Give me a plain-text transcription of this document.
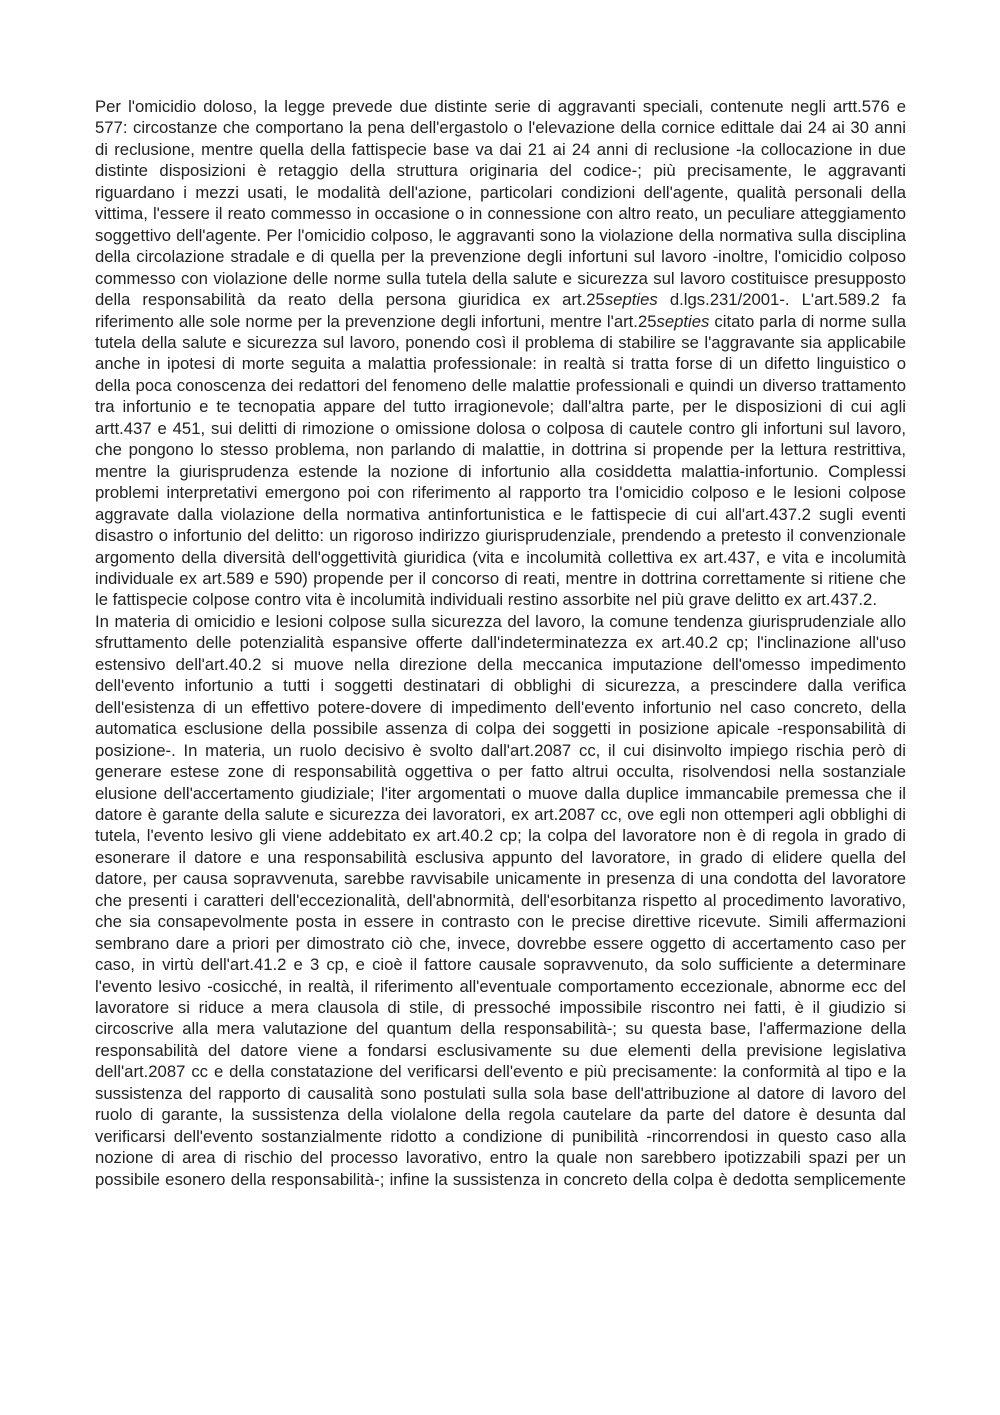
Per l'omicidio doloso, la legge prevede due distinte serie di aggravanti speciali, contenute negli artt.576 e 577: circostanze che comportano la pena dell'ergastolo o l'elevazione della cornice edittale dai 24 ai 30 anni di reclusione, mentre quella della fattispecie base va dai 21 ai 24 anni di reclusione -la collocazione in due distinte disposizioni è retaggio della struttura originaria del codice-; più precisamente, le aggravanti riguardano i mezzi usati, le modalità dell'azione, particolari condizioni dell'agente, qualità personali della vittima, l'essere il reato commesso in occasione o in connessione con altro reato, un peculiare atteggiamento soggettivo dell'agente. Per l'omicidio colposo, le aggravanti sono la violazione della normativa sulla disciplina della circolazione stradale e di quella per la prevenzione degli infortuni sul lavoro -inoltre, l'omicidio colposo commesso con violazione delle norme sulla tutela della salute e sicurezza sul lavoro costituisce presupposto della responsabilità da reato della persona giuridica ex art.25septies d.lgs.231/2001-. L'art.589.2 fa riferimento alle sole norme per la prevenzione degli infortuni, mentre l'art.25septies citato parla di norme sulla tutela della salute e sicurezza sul lavoro, ponendo così il problema di stabilire se l'aggravante sia applicabile anche in ipotesi di morte seguita a malattia professionale: in realtà si tratta forse di un difetto linguistico o della poca conoscenza dei redattori del fenomeno delle malattie professionali e quindi un diverso trattamento tra infortunio e te tecnopatia appare del tutto irragionevole; dall'altra parte, per le disposizioni di cui agli artt.437 e 451, sui delitti di rimozione o omissione dolosa o colposa di cautele contro gli infortuni sul lavoro, che pongono lo stesso problema, non parlando di malattie, in dottrina si propende per la lettura restrittiva, mentre la giurisprudenza estende la nozione di infortunio alla cosiddetta malattia-infortunio. Complessi problemi interpretativi emergono poi con riferimento al rapporto tra l'omicidio colposo e le lesioni colpose aggravate dalla violazione della normativa antinfortunistica e le fattispecie di cui all'art.437.2 sugli eventi disastro o infortunio del delitto: un rigoroso indirizzo giurisprudenziale, prendendo a pretesto il convenzionale argomento della diversità dell'oggettività giuridica (vita e incolumità collettiva ex art.437, e vita e incolumità individuale ex art.589 e 590) propende per il concorso di reati, mentre in dottrina correttamente si ritiene che le fattispecie colpose contro vita è incolumità individuali restino assorbite nel più grave delitto ex art.437.2.

In materia di omicidio e lesioni colpose sulla sicurezza del lavoro, la comune tendenza giurisprudenziale allo sfruttamento delle potenzialità espansive offerte dall'indeterminatezza ex art.40.2 cp; l'inclinazione all'uso estensivo dell'art.40.2 si muove nella direzione della meccanica imputazione dell'omesso impedimento dell'evento infortunio a tutti i soggetti destinatari di obblighi di sicurezza, a prescindere dalla verifica dell'esistenza di un effettivo potere-dovere di impedimento dell'evento infortunio nel caso concreto, della automatica esclusione della possibile assenza di colpa dei soggetti in posizione apicale -responsabilità di posizione-. In materia, un ruolo decisivo è svolto dall'art.2087 cc, il cui disinvolto impiego rischia però di generare estese zone di responsabilità oggettiva o per fatto altrui occulta, risolvendosi nella sostanziale elusione dell'accertamento giudiziale; l'iter argomentati o muove dalla duplice immancabile premessa che il datore è garante della salute e sicurezza dei lavoratori, ex art.2087 cc, ove egli non ottemperi agli obblighi di tutela, l'evento lesivo gli viene addebitato ex art.40.2 cp; la colpa del lavoratore non è di regola in grado di esonerare il datore e una responsabilità esclusiva appunto del lavoratore, in grado di elidere quella del datore, per causa sopravvenuta, sarebbe ravvisabile unicamente in presenza di una condotta del lavoratore che presenti i caratteri dell'eccezionalità, dell'abnormità, dell'esorbitanza rispetto al procedimento lavorativo, che sia consapevolmente posta in essere in contrasto con le precise direttive ricevute. Simili affermazioni sembrano dare a priori per dimostrato ciò che, invece, dovrebbe essere oggetto di accertamento caso per caso, in virtù dell'art.41.2 e 3 cp, e cioè il fattore causale sopravvenuto, da solo sufficiente a determinare l'evento lesivo -cosicché, in realtà, il riferimento all'eventuale comportamento eccezionale, abnorme ecc del lavoratore si riduce a mera clausola di stile, di pressoché impossibile riscontro nei fatti, è il giudizio si circoscrive alla mera valutazione del quantum della responsabilità-; su questa base, l'affermazione della responsabilità del datore viene a fondarsi esclusivamente su due elementi della previsione legislativa dell'art.2087 cc e della constatazione del verificarsi dell'evento e più precisamente: la conformità al tipo e la sussistenza del rapporto di causalità sono postulati sulla sola base dell'attribuzione al datore di lavoro del ruolo di garante, la sussistenza della violalone della regola cautelare da parte del datore è desunta dal verificarsi dell'evento sostanzialmente ridotto a condizione di punibilità -rincorrendosi in questo caso alla nozione di area di rischio del processo lavorativo, entro la quale non sarebbero ipotizzabili spazi per un possibile esonero della responsabilità-; infine la sussistenza in concreto della colpa è dedotta semplicemente
